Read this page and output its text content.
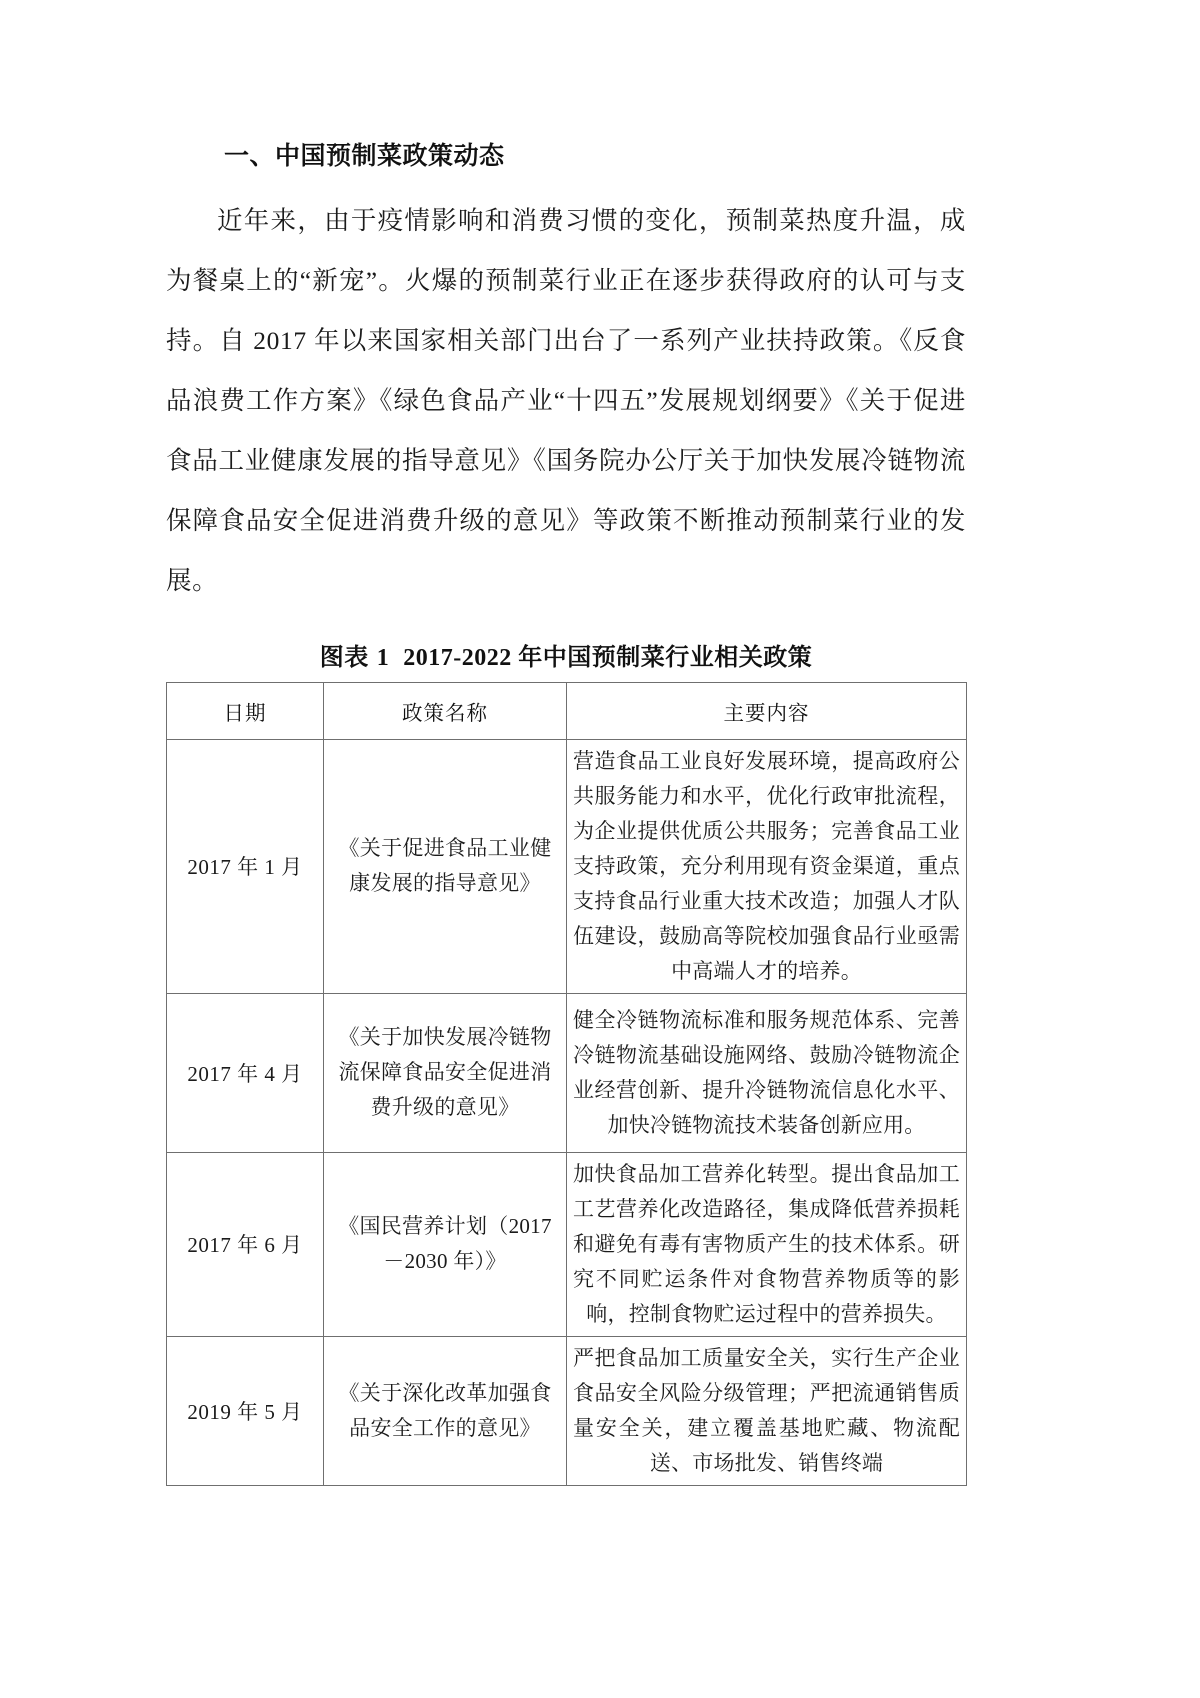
一、中国预制菜政策动态

近年来，由于疫情影响和消费习惯的变化，预制菜热度升温，成为餐桌上的“新宠”。火爆的预制菜行业正在逐步获得政府的认可与支持。自 2017 年以来国家相关部门出台了一系列产业扶持政策。《反食品浪费工作方案》《绿色食品产业“十四五”发展规划纲要》《关于促进食品工业健康发展的指导意见》《国务院办公厅关于加快发展冷链物流保障食品安全促进消费升级的意见》等政策不断推动预制菜行业的发展。

图表 1 2017-2022 年中国预制菜行业相关政策
日期	政策名称	主要内容
2017 年 1 月	《关于促进食品工业健康发展的指导意见》	营造食品工业良好发展环境，提高政府公共服务能力和水平，优化行政审批流程，为企业提供优质公共服务；完善食品工业支持政策，充分利用现有资金渠道，重点支持食品行业重大技术改造；加强人才队伍建设，鼓励高等院校加强食品行业亟需中高端人才的培养。
2017 年 4 月	《关于加快发展冷链物流保障食品安全促进消费升级的意见》	健全冷链物流标准和服务规范体系、完善冷链物流基础设施网络、鼓励冷链物流企业经营创新、提升冷链物流信息化水平、加快冷链物流技术装备创新应用。
2017 年 6 月	《国民营养计划（2017－2030 年）》	加快食品加工营养化转型。提出食品加工工艺营养化改造路径，集成降低营养损耗和避免有毒有害物质产生的技术体系。研究不同贮运条件对食物营养物质等的影响，控制食物贮运过程中的营养损失。
2019 年 5 月	《关于深化改革加强食品安全工作的意见》	严把食品加工质量安全关，实行生产企业食品安全风险分级管理；严把流通销售质量安全关，建立覆盖基地贮藏、物流配送、市场批发、销售终端
